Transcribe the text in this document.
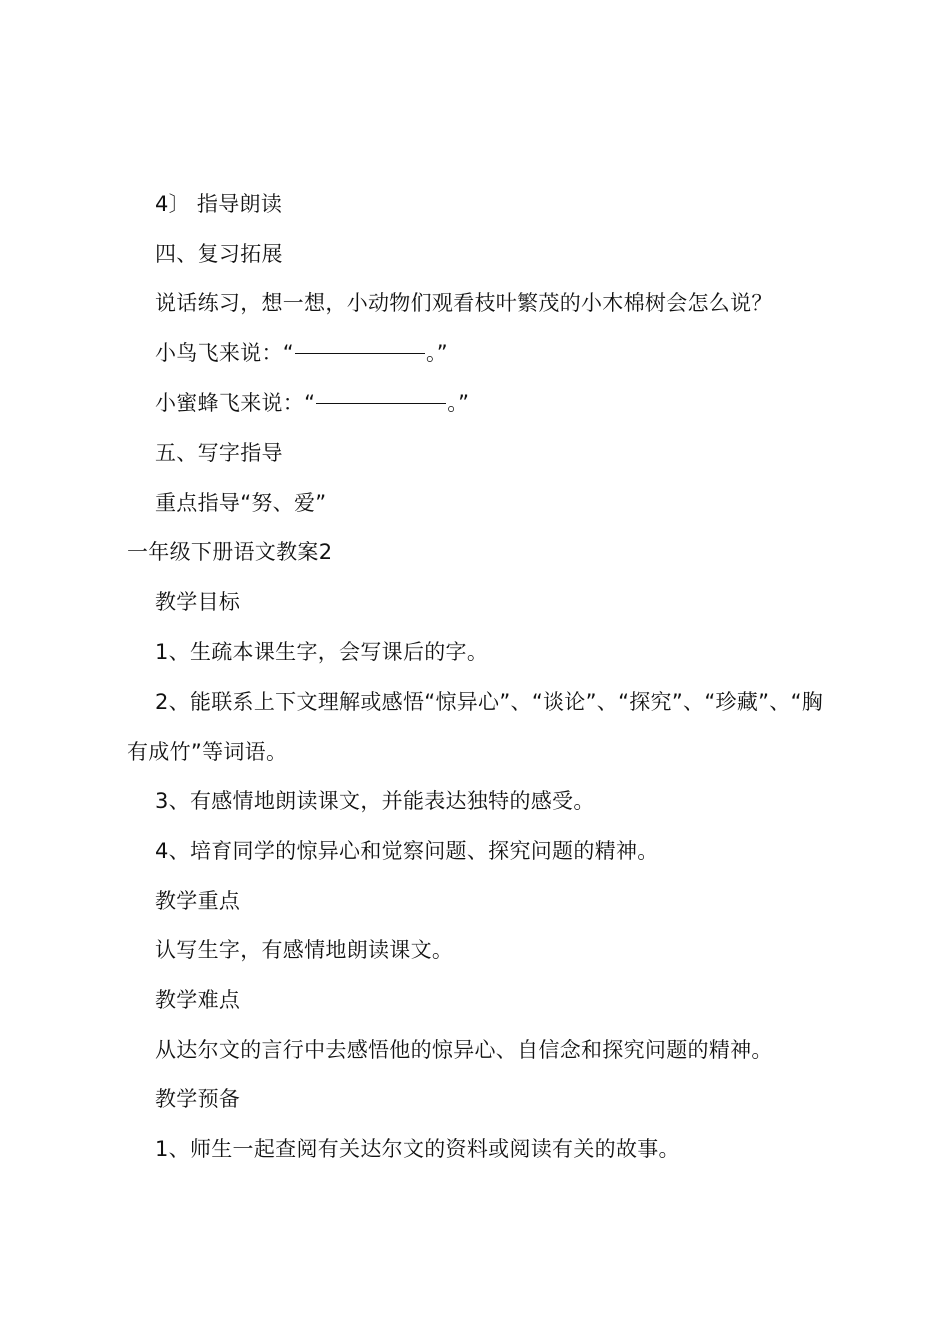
4〕 指导朗读
四、复习拓展
说话练习，想一想，小动物们观看枝叶繁茂的小木棉树会怎么说？
小鸟飞来说：“	。”
小蜜蜂飞来说：“	。”
五、写字指导
重点指导“努、爱”
一年级下册语文教案2
教学目标
1、生疏本课生字，会写课后的字。
2、能联系上下文理解或感悟“惊异心”、“谈论”、“探究”、“珍藏”、“胸
有成竹”等词语。
3、有感情地朗读课文，并能表达独特的感受。
4、培育同学的惊异心和觉察问题、探究问题的精神。
教学重点
认写生字，有感情地朗读课文。
教学难点
从达尔文的言行中去感悟他的惊异心、自信念和探究问题的精神。
教学预备
1、师生一起查阅有关达尔文的资料或阅读有关的故事。
